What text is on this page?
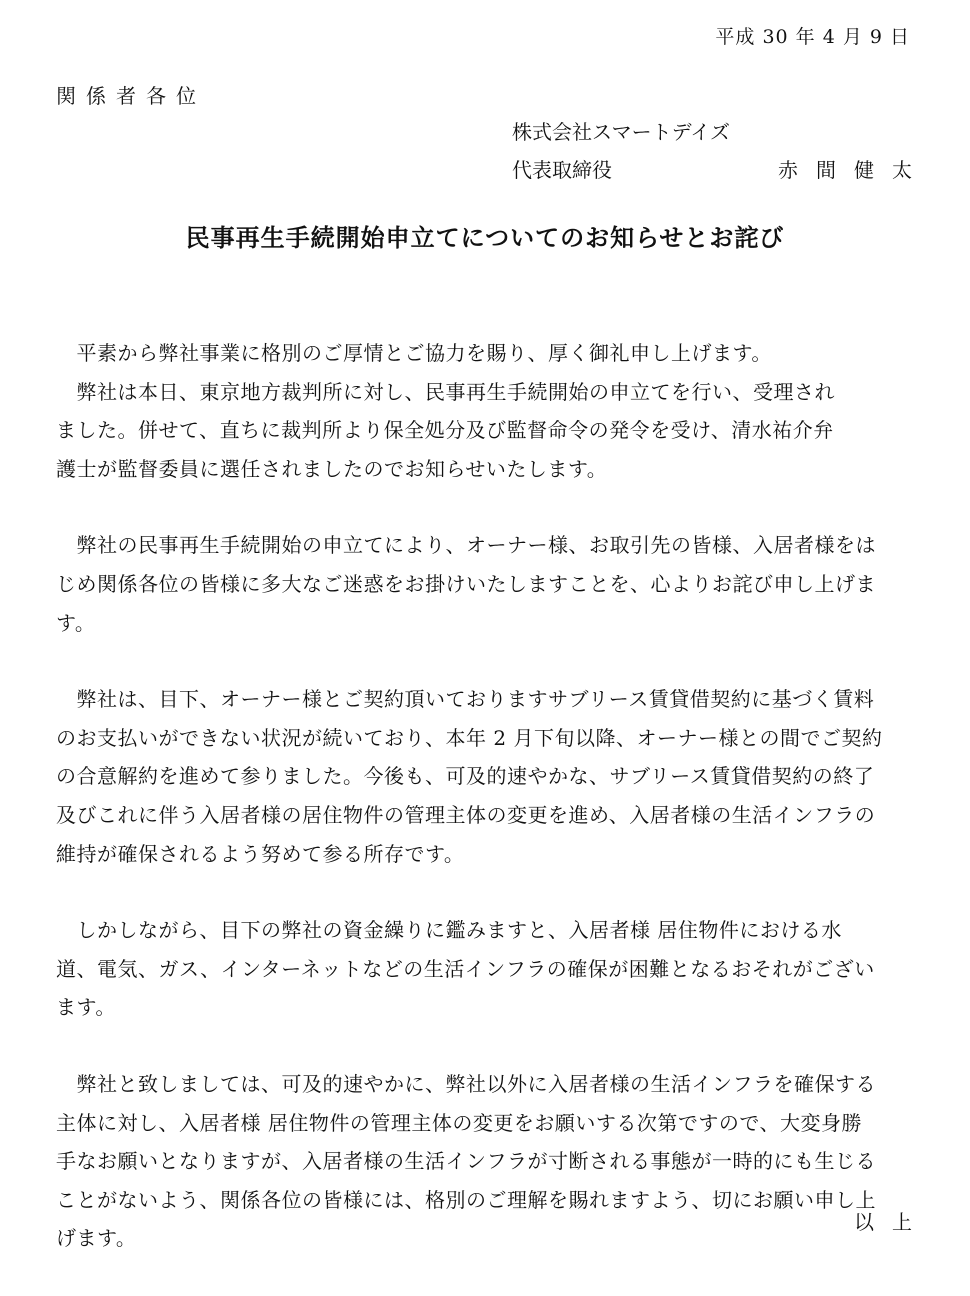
平成 30 年 4 月 9 日
関係者各位
株式会社スマートデイズ
代表取締役	赤間健太
民事再生手続開始申立てについてのお知らせとお詫び
　平素から弊社事業に格別のご厚情とご協力を賜り、厚く御礼申し上げます。
　弊社は本日、東京地方裁判所に対し、民事再生手続開始の申立てを行い、受理され
ました。併せて、直ちに裁判所より保全処分及び監督命令の発令を受け、清水祐介弁
護士が監督委員に選任されましたのでお知らせいたします。
　弊社の民事再生手続開始の申立てにより、オーナー様、お取引先の皆様、入居者様をは
じめ関係各位の皆様に多大なご迷惑をお掛けいたしますことを、心よりお詫び申し上げま
す。
　弊社は、目下、オーナー様とご契約頂いておりますサブリース賃貸借契約に基づく賃料
のお支払いができない状況が続いており、本年 2 月下旬以降、オーナー様との間でご契約
の合意解約を進めて参りました。今後も、可及的速やかな、サブリース賃貸借契約の終了
及びこれに伴う入居者様の居住物件の管理主体の変更を進め、入居者様の生活インフラの
維持が確保されるよう努めて参る所存です。
　しかしながら、目下の弊社の資金繰りに鑑みますと、入居者様 居住物件における水
道、電気、ガス、インターネットなどの生活インフラの確保が困難となるおそれがござい
ます。
　弊社と致しましては、可及的速やかに、弊社以外に入居者様の生活インフラを確保する
主体に対し、入居者様 居住物件の管理主体の変更をお願いする次第ですので、大変身勝
手なお願いとなりますが、入居者様の生活インフラが寸断される事態が一時的にも生じる
ことがないよう、関係各位の皆様には、格別のご理解を賜れますよう、切にお願い申し上
げます。
以上
